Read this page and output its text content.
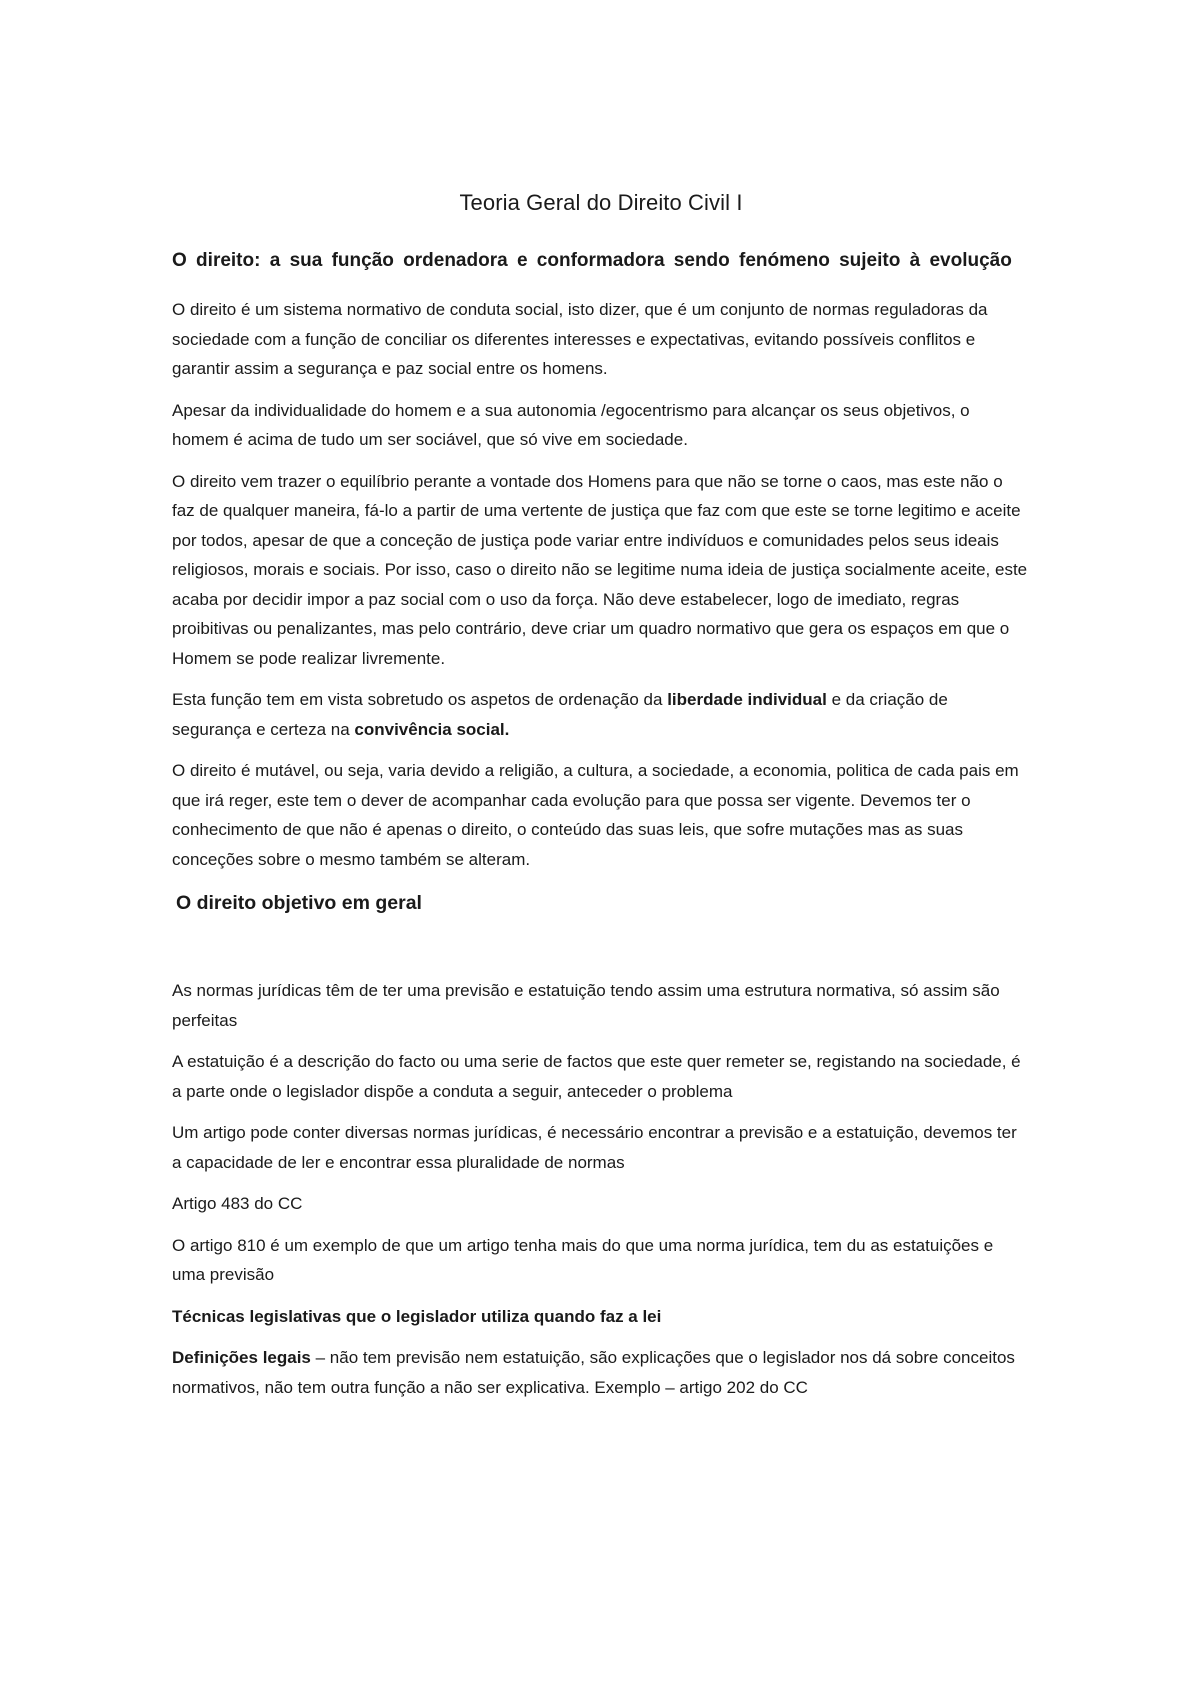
Teoria Geral do Direito Civil I
O direito: a sua função ordenadora e conformadora sendo fenómeno sujeito à evolução

O direito é um sistema normativo de conduta social, isto dizer, que é um conjunto de normas reguladoras da sociedade com a função de conciliar os diferentes interesses e expectativas, evitando possíveis conflitos e garantir assim a segurança e paz social entre os homens.

Apesar da individualidade do homem e a sua autonomia /egocentrismo para alcançar os seus objetivos, o homem é acima de tudo um ser sociável, que só vive em sociedade.

O direito vem trazer o equilíbrio perante a vontade dos Homens para que não se torne o caos, mas este não o faz de qualquer maneira, fá-lo a partir de uma vertente de justiça que faz com que este se torne legitimo e aceite por todos, apesar de que a conceção de justiça pode variar entre indivíduos e comunidades pelos seus ideais religiosos, morais e sociais. Por isso, caso o direito não se legitime numa ideia de justiça socialmente aceite, este acaba por decidir impor a paz social com o uso da força. Não deve estabelecer, logo de imediato, regras proibitivas ou penalizantes, mas pelo contrário, deve criar um quadro normativo que gera os espaços em que o Homem se pode realizar livremente.

Esta função tem em vista sobretudo os aspetos de ordenação da liberdade individual e da criação de segurança e certeza na convivência social.

O direito é mutável, ou seja, varia devido a religião, a cultura, a sociedade, a economia, politica de cada pais em que irá reger, este tem o dever de acompanhar cada evolução para que possa ser vigente. Devemos ter o conhecimento de que não é apenas o direito, o conteúdo das suas leis, que sofre mutações mas as suas conceções sobre o mesmo também se alteram.

O direito objetivo em geral

As normas jurídicas têm de ter uma previsão e estatuição tendo assim uma estrutura normativa, só assim são perfeitas

A estatuição é a descrição do facto ou uma serie de factos que este quer remeter se, registando na sociedade, é a parte onde o legislador dispõe a conduta a seguir, anteceder o problema

Um artigo pode conter diversas normas jurídicas, é necessário encontrar a previsão e a estatuição, devemos ter a capacidade de ler e encontrar essa pluralidade de normas

Artigo 483 do CC

O artigo 810 é um exemplo de que um artigo tenha mais do que uma norma jurídica, tem du as estatuições e uma previsão

Técnicas legislativas que o legislador utiliza quando faz a lei

Definições legais – não tem previsão nem estatuição, são explicações que o legislador nos dá sobre conceitos normativos, não tem outra função a não ser explicativa. Exemplo – artigo 202 do CC
